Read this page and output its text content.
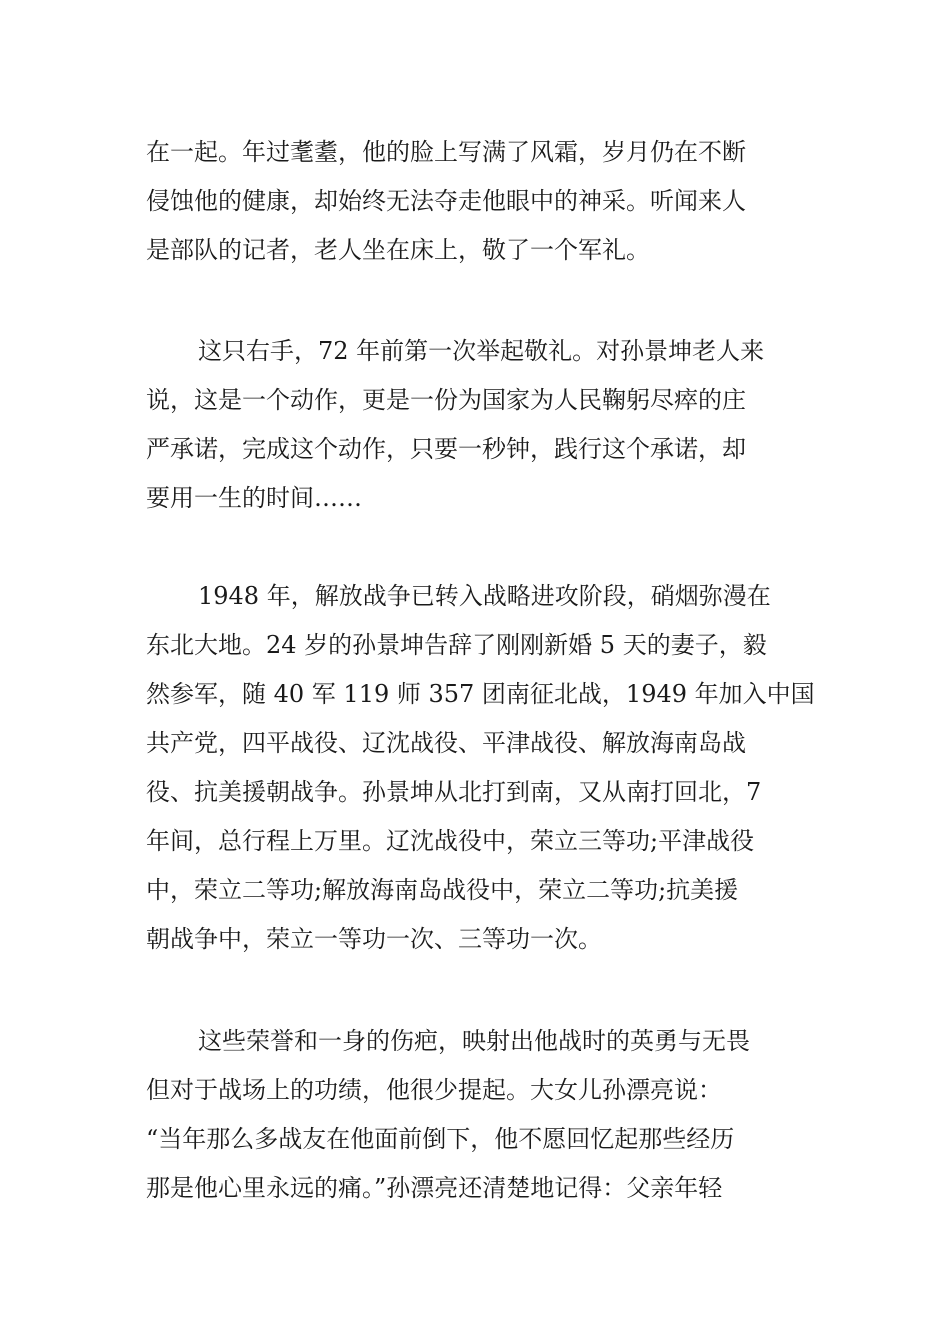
在一起。年过耄耋，他的脸上写满了风霜，岁月仍在不断
侵蚀他的健康，却始终无法夺走他眼中的神采。听闻来人
是部队的记者，老人坐在床上，敬了一个军礼。
这只右手，72 年前第一次举起敬礼。对孙景坤老人来
说，这是一个动作，更是一份为国家为人民鞠躬尽瘁的庄
严承诺，完成这个动作，只要一秒钟，践行这个承诺，却
要用一生的时间……
1948 年，解放战争已转入战略进攻阶段，硝烟弥漫在
东北大地。24 岁的孙景坤告辞了刚刚新婚 5 天的妻子，毅
然参军，随 40 军 119 师 357 团南征北战，1949 年加入中国
共产党，四平战役、辽沈战役、平津战役、解放海南岛战
役、抗美援朝战争。孙景坤从北打到南，又从南打回北，7
年间，总行程上万里。辽沈战役中，荣立三等功;平津战役
中，荣立二等功;解放海南岛战役中，荣立二等功;抗美援
朝战争中，荣立一等功一次、三等功一次。
这些荣誉和一身的伤疤，映射出他战时的英勇与无畏
但对于战场上的功绩，他很少提起。大女儿孙漂亮说：
“当年那么多战友在他面前倒下，他不愿回忆起那些经历
那是他心里永远的痛。”孙漂亮还清楚地记得：父亲年轻
